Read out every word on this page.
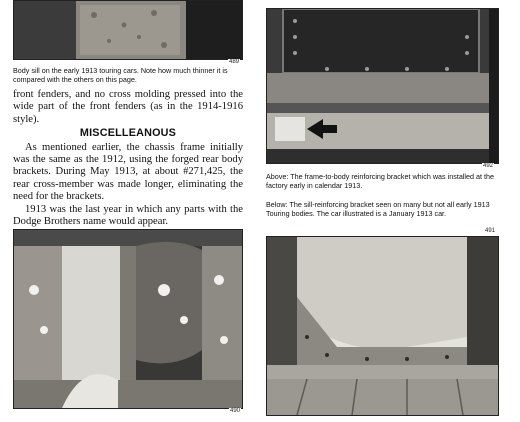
489
Body sill on the early 1913 touring cars. Note how much thinner it is compared with the others on this page.

front fenders, and no cross molding pressed into the wide part of the front fenders (as in the 1914-1916 style).

MISCELLEANOUS

As mentioned earlier, the chassis frame initially was the same as the 1912, using the forged rear body brackets. During May 1913, at about #271,425, the rear cross-member was made longer, eliminating the need for the brackets.

1913 was the last year in which any parts with the Dodge Brothers name would appear.

490
492
Above: The frame-to-body reinforcing bracket which was installed at the factory early in calendar 1913.
Below: The sill-reinforcing bracket seen on many but not all early 1913 Touring bodies. The car illustrated is a January 1913 car.
491
